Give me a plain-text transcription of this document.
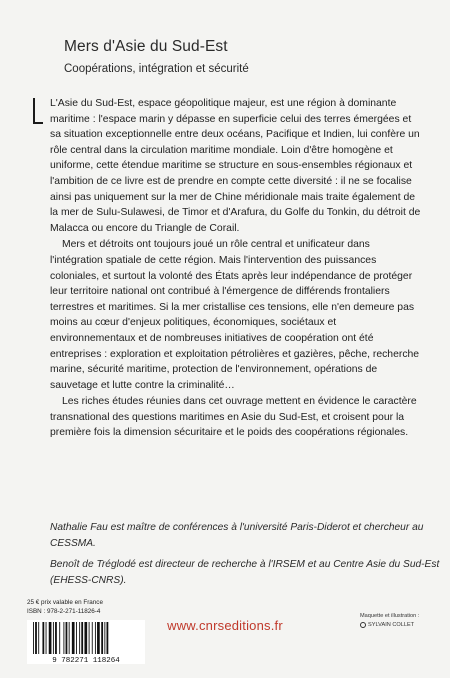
Mers d'Asie du Sud-Est
Coopérations, intégration et sécurité

L'Asie du Sud-Est, espace géopolitique majeur, est une région à dominante maritime : l'espace marin y dépasse en superficie celui des terres émergées et sa situation exceptionnelle entre deux océans, Pacifique et Indien, lui confère un rôle central dans la circulation maritime mondiale. Loin d'être homogène et uniforme, cette étendue maritime se structure en sous-ensembles régionaux et l'ambition de ce livre est de prendre en compte cette diversité : il ne se focalise ainsi pas uniquement sur la mer de Chine méridionale mais traite également de la mer de Sulu-Sulawesi, de Timor et d'Arafura, du Golfe du Tonkin, du détroit de Malacca ou encore du Triangle de Corail.

Mers et détroits ont toujours joué un rôle central et unificateur dans l'intégration spatiale de cette région. Mais l'intervention des puissances coloniales, et surtout la volonté des États après leur indépendance de protéger leur territoire national ont contribué à l'émergence de différends frontaliers terrestres et maritimes. Si la mer cristallise ces tensions, elle n'en demeure pas moins au cœur d'enjeux politiques, économiques, sociétaux et environnementaux et de nombreuses initiatives de coopération ont été entreprises : exploration et exploitation pétrolières et gazières, pêche, recherche marine, sécurité maritime, protection de l'environnement, opérations de sauvetage et lutte contre la criminalité…

Les riches études réunies dans cet ouvrage mettent en évidence le caractère transnational des questions maritimes en Asie du Sud-Est, et croisent pour la première fois la dimension sécuritaire et le poids des coopérations régionales.

Nathalie Fau est maître de conférences à l'université Paris-Diderot et chercheur au CESSMA.

Benoît de Tréglodé est directeur de recherche à l'IRSEM et au Centre Asie du Sud-Est (EHESS-CNRS).

25 € prix valable en France
ISBN : 978-2-271-11826-4
9 782271 118264
www.cnrseditions.fr
Maquette et illustration :
SYLVAIN COLLET
